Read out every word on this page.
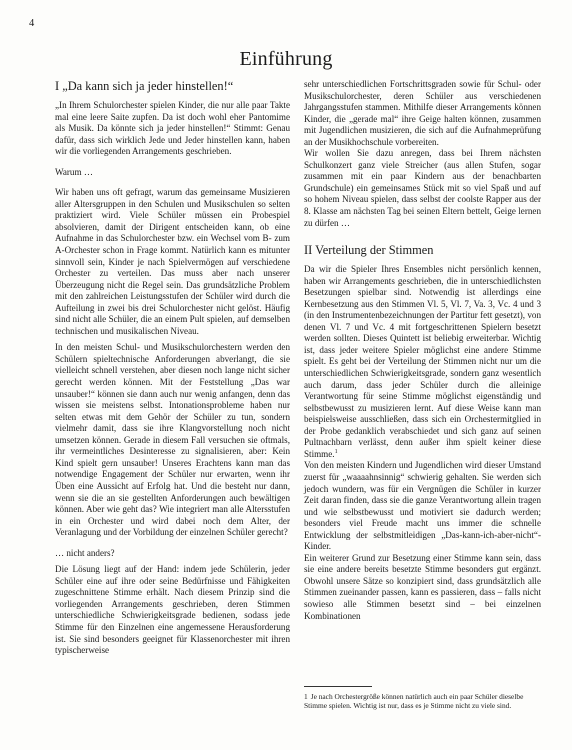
4
Einführung
I „Da kann sich ja jeder hinstellen!“

„In Ihrem Schulorchester spielen Kinder, die nur alle paar Takte mal eine leere Saite zupfen. Da ist doch wohl eher Pantomime als Musik. Da könnte sich ja jeder hinstellen!“ Stimmt: Genau dafür, dass sich wirklich Jede und Jeder hinstellen kann, haben wir die vorliegenden Arrangements geschrieben.

Warum …

Wir haben uns oft gefragt, warum das gemeinsame Musizieren aller Altersgruppen in den Schulen und Musikschulen so selten praktiziert wird. Viele Schüler müssen ein Probespiel absolvieren, damit der Dirigent entscheiden kann, ob eine Aufnahme in das Schulorchester bzw. ein Wechsel vom B- zum A-Orchester schon in Frage kommt. Natürlich kann es mitunter sinnvoll sein, Kinder je nach Spielvermögen auf verschiedene Orchester zu verteilen. Das muss aber nach unserer Überzeugung nicht die Regel sein. Das grundsätzliche Problem mit den zahlreichen Leistungsstufen der Schüler wird durch die Aufteilung in zwei bis drei Schulorchester nicht gelöst. Häufig sind nicht alle Schüler, die an einem Pult spielen, auf demselben technischen und musikalischen Niveau.

In den meisten Schul- und Musikschulorchestern werden den Schülern spieltechnische Anforderungen abverlangt, die sie vielleicht schnell verstehen, aber diesen noch lange nicht sicher gerecht werden können. Mit der Feststellung „Das war unsauber!“ können sie dann auch nur wenig anfangen, denn das wissen sie meistens selbst. Intonationsprobleme haben nur selten etwas mit dem Gehör der Schüler zu tun, sondern vielmehr damit, dass sie ihre Klangvorstellung noch nicht umsetzen können. Gerade in diesem Fall versuchen sie oftmals, ihr vermeintliches Desinteresse zu signalisieren, aber: Kein Kind spielt gern unsauber! Unseres Erachtens kann man das notwendige Engagement der Schüler nur erwarten, wenn ihr Üben eine Aussicht auf Erfolg hat. Und die besteht nur dann, wenn sie die an sie gestellten Anforderungen auch bewältigen können. Aber wie geht das? Wie integriert man alle Altersstufen in ein Orchester und wird dabei noch dem Alter, der Veranlagung und der Vorbildung der einzelnen Schüler gerecht?

… nicht anders?

Die Lösung liegt auf der Hand: indem jede Schülerin, jeder Schüler eine auf ihre oder seine Bedürfnisse und Fähigkeiten zugeschnittene Stimme erhält. Nach diesem Prinzip sind die vorliegenden Arrangements geschrieben, deren Stimmen unterschiedliche Schwierigkeitsgrade bedienen, sodass jede Stimme für den Einzelnen eine angemessene Herausforderung ist. Sie sind besonders geeignet für Klassenorchester mit ihren typischerweise

sehr unterschiedlichen Fortschrittsgraden sowie für Schul- oder Musikschulorchester, deren Schüler aus verschiedenen Jahrgangsstufen stammen. Mithilfe dieser Arrangements können Kinder, die „gerade mal“ ihre Geige halten können, zusammen mit Jugendlichen musizieren, die sich auf die Aufnahmeprüfung an der Musikhochschule vorbereiten.

Wir wollen Sie dazu anregen, dass bei Ihrem nächsten Schulkonzert ganz viele Streicher (aus allen Stufen, sogar zusammen mit ein paar Kindern aus der benachbarten Grundschule) ein gemeinsames Stück mit so viel Spaß und auf so hohem Niveau spielen, dass selbst der coolste Rapper aus der 8. Klasse am nächsten Tag bei seinen Eltern bettelt, Geige lernen zu dürfen …

II Verteilung der Stimmen

Da wir die Spieler Ihres Ensembles nicht persönlich kennen, haben wir Arrangements geschrieben, die in unterschiedlichsten Besetzungen spielbar sind. Notwendig ist allerdings eine Kernbesetzung aus den Stimmen Vl. 5, Vl. 7, Va. 3, Vc. 4 und 3 (in den Instrumentenbezeichnungen der Partitur fett gesetzt), von denen Vl. 7 und Vc. 4 mit fortgeschrittenen Spielern besetzt werden sollten. Dieses Quintett ist beliebig erweiterbar. Wichtig ist, dass jeder weitere Spieler möglichst eine andere Stimme spielt. Es geht bei der Verteilung der Stimmen nicht nur um die unterschiedlichen Schwierigkeitsgrade, sondern ganz wesentlich auch darum, dass jeder Schüler durch die alleinige Verantwortung für seine Stimme möglichst eigenständig und selbstbewusst zu musizieren lernt. Auf diese Weise kann man beispielsweise ausschließen, dass sich ein Orchestermitglied in der Probe gedanklich verabschiedet und sich ganz auf seinen Pultnachbarn verlässt, denn außer ihm spielt keiner diese Stimme.$^1$

Von den meisten Kindern und Jugendlichen wird dieser Umstand zuerst für „waaaahnsinnig“ schwierig gehalten. Sie werden sich jedoch wundern, was für ein Vergnügen die Schüler in kurzer Zeit daran finden, dass sie die ganze Verantwortung allein tragen und wie selbstbewusst und motiviert sie dadurch werden; besonders viel Freude macht uns immer die schnelle Entwicklung der selbstmitleidigen „Das-kann-ich-aber-nicht“-Kinder.

Ein weiterer Grund zur Besetzung einer Stimme kann sein, dass sie eine andere bereits besetzte Stimme besonders gut ergänzt. Obwohl unsere Sätze so konzipiert sind, dass grundsätzlich alle Stimmen zueinander passen, kann es passieren, dass – falls nicht sowieso alle Stimmen besetzt sind – bei einzelnen Kombinationen

1 Je nach Orchestergröße können natürlich auch ein paar Schüler dieselbe Stimme spielen. Wichtig ist nur, dass es je Stimme nicht zu viele sind.
